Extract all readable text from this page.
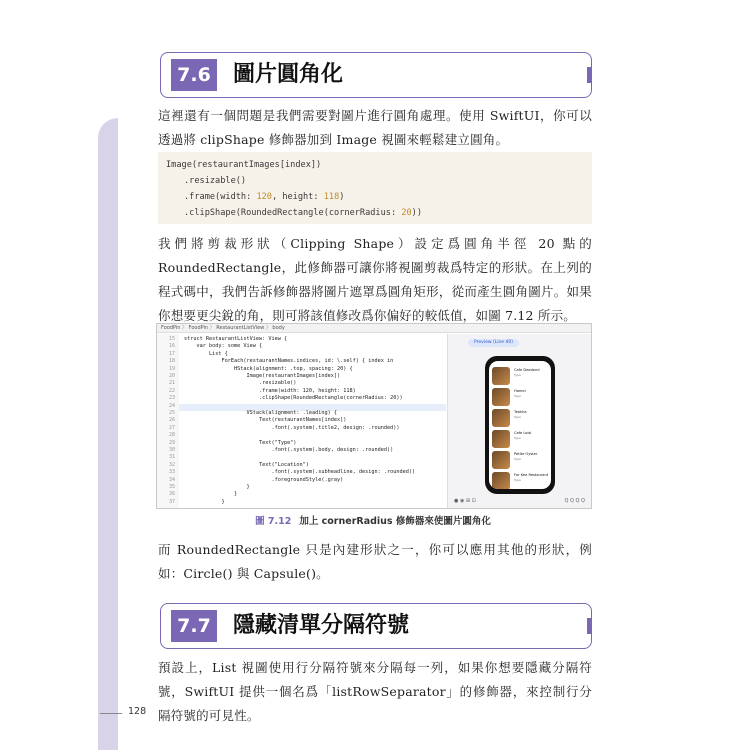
7.6 圖片圓角化

這裡還有一個問題是我們需要對圖片進行圓角處理。使用 SwiftUI，你可以透過將 clipShape 修飾器加到 Image 視圖來輕鬆建立圓角。

Image(restaurantImages[index])
.resizable()
.frame(width: 120, height: 118)
.clipShape(RoundedRectangle(cornerRadius: 20))

我們將剪裁形狀（Clipping Shape）設定爲圓角半徑 20 點的 RoundedRectangle，此修飾器可讓你將視圖剪裁爲特定的形狀。在上列的程式碼中，我們告訴修飾器將圖片遮罩爲圓角矩形，從而產生圓角圖片。如果你想要更尖銳的角，則可將該值修改爲你偏好的較低值，如圖 7.12 所示。

FoodPin 〉 FoodPin 〉 RestaurantListView 〉 body
Preview (Line 40)
Cafe Deadend
Type
Homei
Type
Teakha
Type
Cafe Loisl
Type
Petite Oyster
Type
For Kee Restaurant
Type
● ◉ ⊞ ⊡	Q Q Q Q
15 struct RestaurantListView: View {
16 var body: some View {
17 List {
18 ForEach(restaurantNames.indices, id: \.self) { index in
19 HStack(alignment: .top, spacing: 20) {
20 Image(restaurantImages[index])
21 .resizable()
22 .frame(width: 120, height: 118)
23 .clipShape(RoundedRectangle(cornerRadius: 20))
24
25 VStack(alignment: .leading) {
26 Text(restaurantNames[index])
27 .font(.system(.title2, design: .rounded))
28
29 Text("Type")
30 .font(.system(.body, design: .rounded))
31
32 Text("Location")
33 .font(.system(.subheadline, design: .rounded))
34 .foregroundStyle(.gray)
35 }
36 }
37 }
圖 7.12 加上 cornerRadius 修飾器來使圖片圓角化

而 RoundedRectangle 只是內建形狀之一，你可以應用其他的形狀，例如：Circle() 與 Capsule()。

7.7 隱藏清單分隔符號

預設上，List 視圖使用行分隔符號來分隔每一列，如果你想要隱藏分隔符號，SwiftUI 提供一個名爲「listRowSeparator」的修飾器，來控制行分隔符號的可見性。

128
